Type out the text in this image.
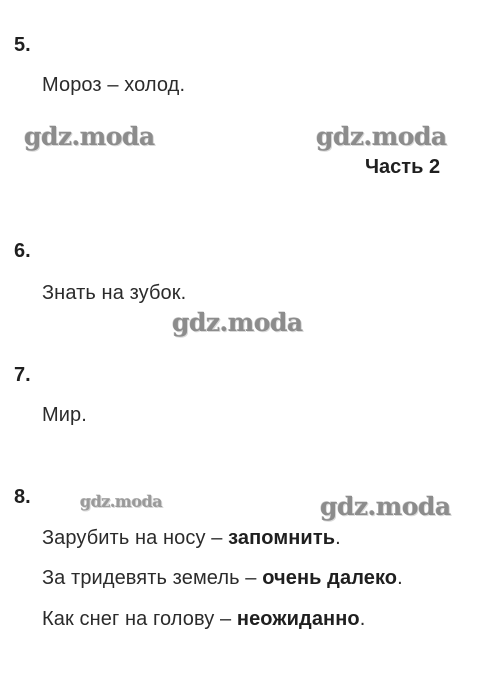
5.
Мороз – холод.
gdz.moda	gdz.moda
Часть 2
6.
Знать на зубок.
gdz.moda
7.
Мир.
8.	gdz.moda	gdz.moda
Зарубить на носу – запомнить.
За тридевять земель – очень далеко.
Как снег на голову – неожиданно.
